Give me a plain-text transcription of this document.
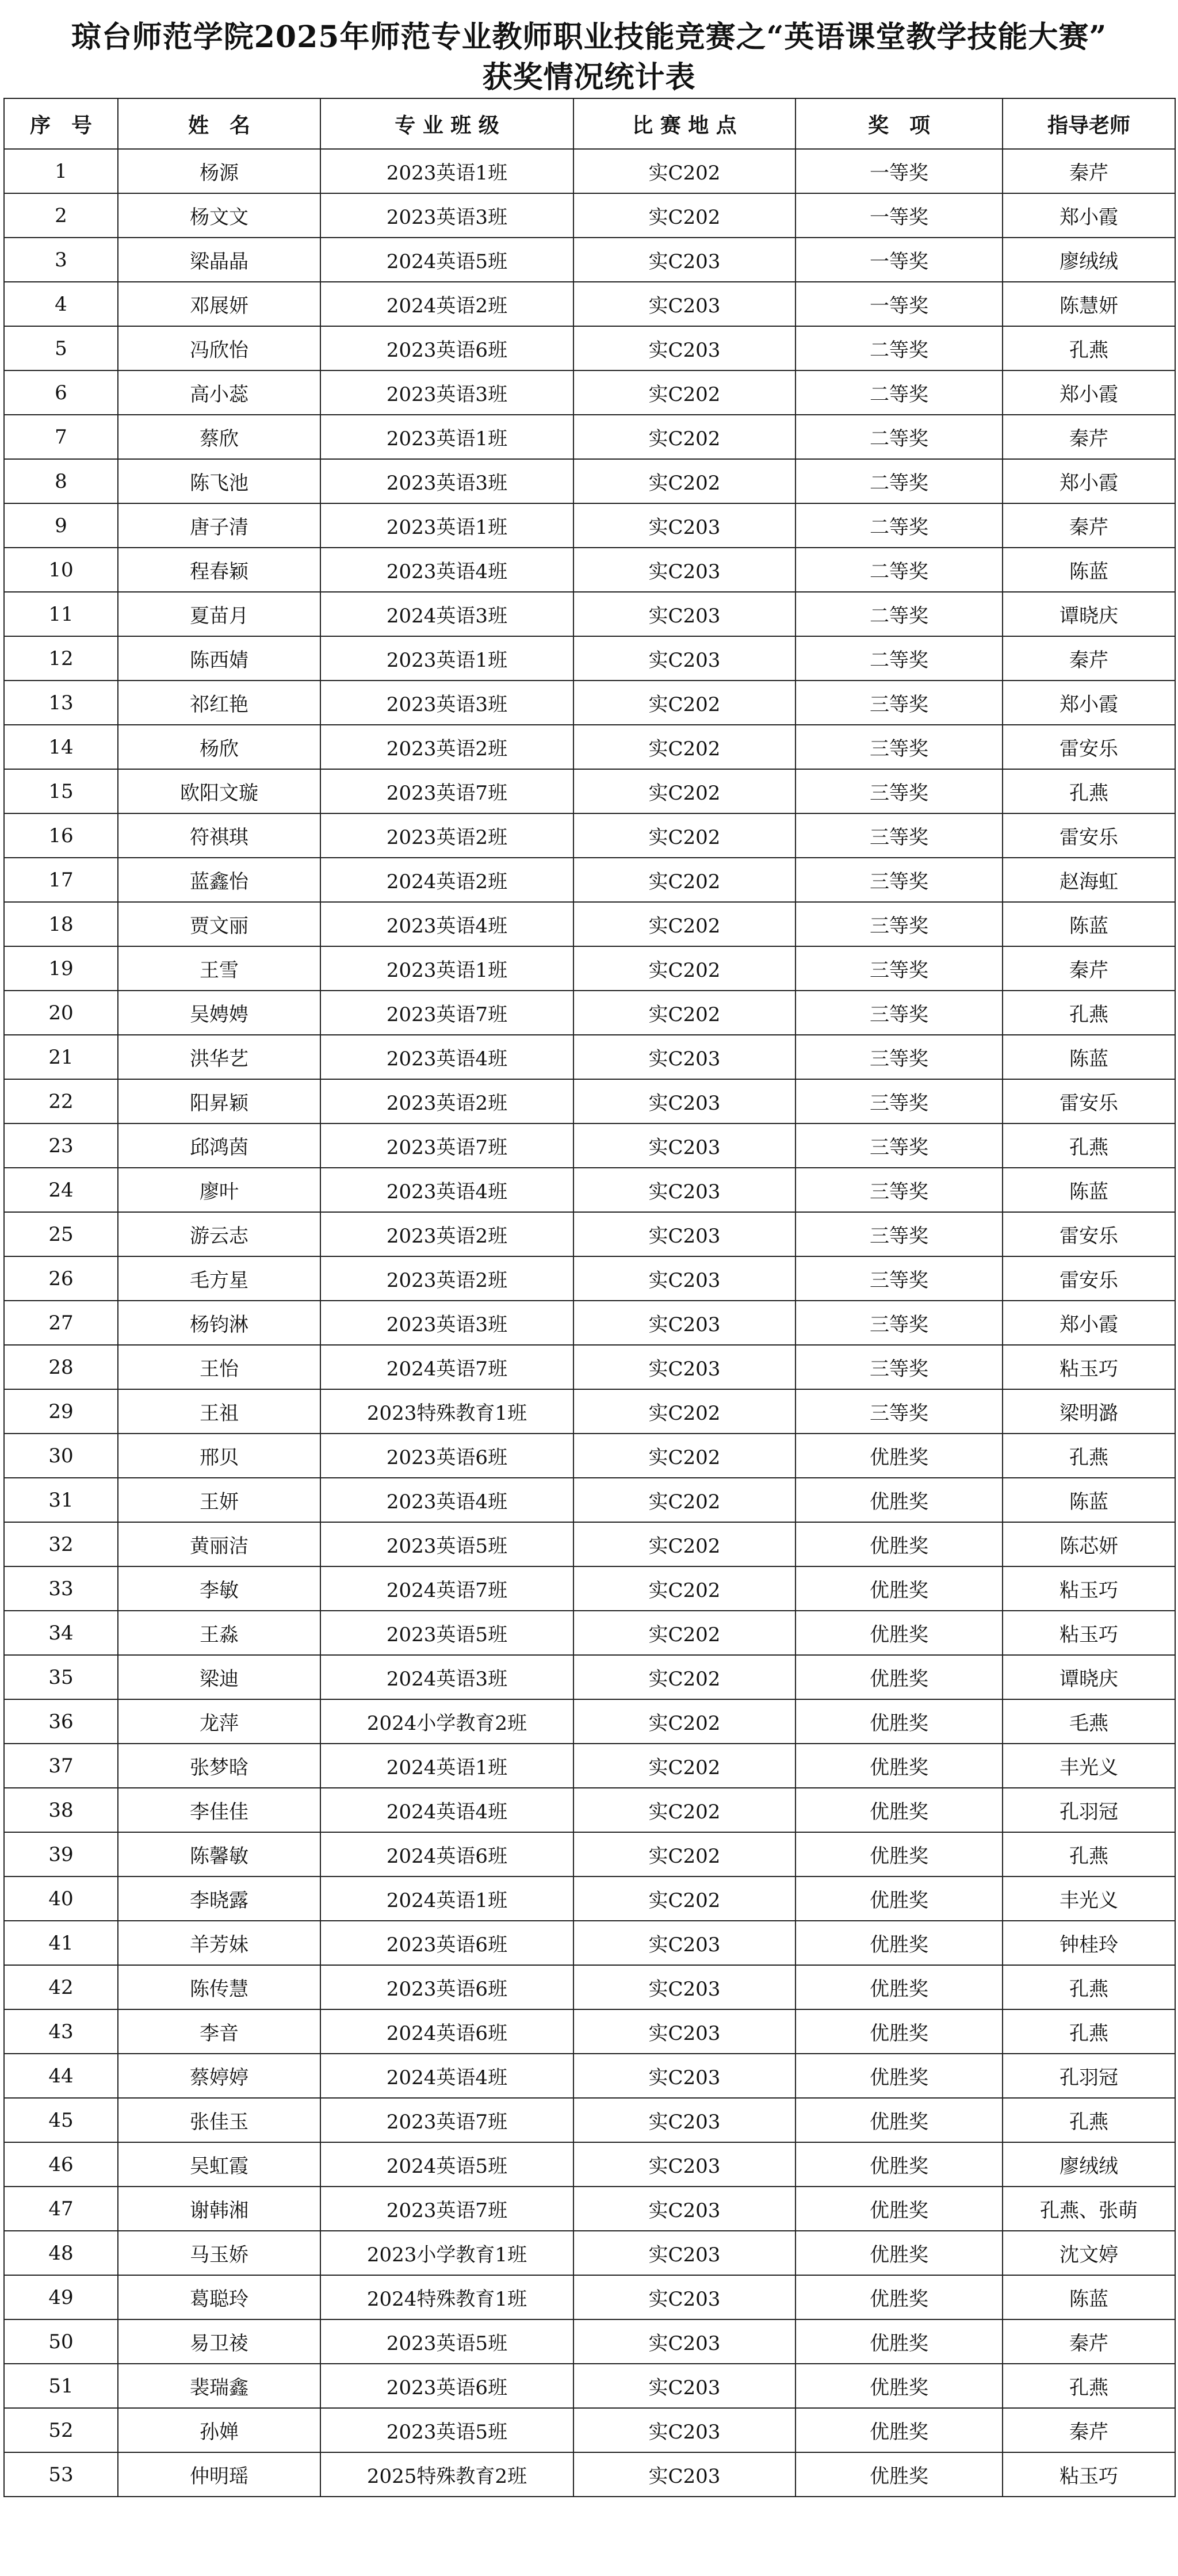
琼台师范学院2025年师范专业教师职业技能竞赛之“英语课堂教学技能大赛”
获奖情况统计表
序　号	姓　名	专 业 班 级	比 赛 地 点	奖　项	指导老师
1	杨源	2023英语1班	实C202	一等奖	秦芹
2	杨文文	2023英语3班	实C202	一等奖	郑小霞
3	梁晶晶	2024英语5班	实C203	一等奖	廖绒绒
4	邓展妍	2024英语2班	实C203	一等奖	陈慧妍
5	冯欣怡	2023英语6班	实C203	二等奖	孔燕
6	高小蕊	2023英语3班	实C202	二等奖	郑小霞
7	蔡欣	2023英语1班	实C202	二等奖	秦芹
8	陈飞池	2023英语3班	实C202	二等奖	郑小霞
9	唐子清	2023英语1班	实C203	二等奖	秦芹
10	程春颖	2023英语4班	实C203	二等奖	陈蓝
11	夏苗月	2024英语3班	实C203	二等奖	谭晓庆
12	陈西婧	2023英语1班	实C203	二等奖	秦芹
13	祁红艳	2023英语3班	实C202	三等奖	郑小霞
14	杨欣	2023英语2班	实C202	三等奖	雷安乐
15	欧阳文璇	2023英语7班	实C202	三等奖	孔燕
16	符祺琪	2023英语2班	实C202	三等奖	雷安乐
17	蓝鑫怡	2024英语2班	实C202	三等奖	赵海虹
18	贾文丽	2023英语4班	实C202	三等奖	陈蓝
19	王雪	2023英语1班	实C202	三等奖	秦芹
20	吴娉娉	2023英语7班	实C202	三等奖	孔燕
21	洪华艺	2023英语4班	实C203	三等奖	陈蓝
22	阳昇颖	2023英语2班	实C203	三等奖	雷安乐
23	邱鸿茵	2023英语7班	实C203	三等奖	孔燕
24	廖叶	2023英语4班	实C203	三等奖	陈蓝
25	游云志	2023英语2班	实C203	三等奖	雷安乐
26	毛方星	2023英语2班	实C203	三等奖	雷安乐
27	杨钧淋	2023英语3班	实C203	三等奖	郑小霞
28	王怡	2024英语7班	实C203	三等奖	粘玉巧
29	王祖	2023特殊教育1班	实C202	三等奖	梁明潞
30	邢贝	2023英语6班	实C202	优胜奖	孔燕
31	王妍	2023英语4班	实C202	优胜奖	陈蓝
32	黄丽洁	2023英语5班	实C202	优胜奖	陈芯妍
33	李敏	2024英语7班	实C202	优胜奖	粘玉巧
34	王淼	2023英语5班	实C202	优胜奖	粘玉巧
35	梁迪	2024英语3班	实C202	优胜奖	谭晓庆
36	龙萍	2024小学教育2班	实C202	优胜奖	毛燕
37	张梦晗	2024英语1班	实C202	优胜奖	丰光义
38	李佳佳	2024英语4班	实C202	优胜奖	孔羽冠
39	陈馨敏	2024英语6班	实C202	优胜奖	孔燕
40	李晓露	2024英语1班	实C202	优胜奖	丰光义
41	羊芳妹	2023英语6班	实C203	优胜奖	钟桂玲
42	陈传慧	2023英语6班	实C203	优胜奖	孔燕
43	李音	2024英语6班	实C203	优胜奖	孔燕
44	蔡婷婷	2024英语4班	实C203	优胜奖	孔羽冠
45	张佳玉	2023英语7班	实C203	优胜奖	孔燕
46	吴虹霞	2024英语5班	实C203	优胜奖	廖绒绒
47	谢韩湘	2023英语7班	实C203	优胜奖	孔燕、张萌
48	马玉娇	2023小学教育1班	实C203	优胜奖	沈文婷
49	葛聪玲	2024特殊教育1班	实C203	优胜奖	陈蓝
50	易卫祾	2023英语5班	实C203	优胜奖	秦芹
51	裴瑞鑫	2023英语6班	实C203	优胜奖	孔燕
52	孙婵	2023英语5班	实C203	优胜奖	秦芹
53	仲明瑶	2025特殊教育2班	实C203	优胜奖	粘玉巧
